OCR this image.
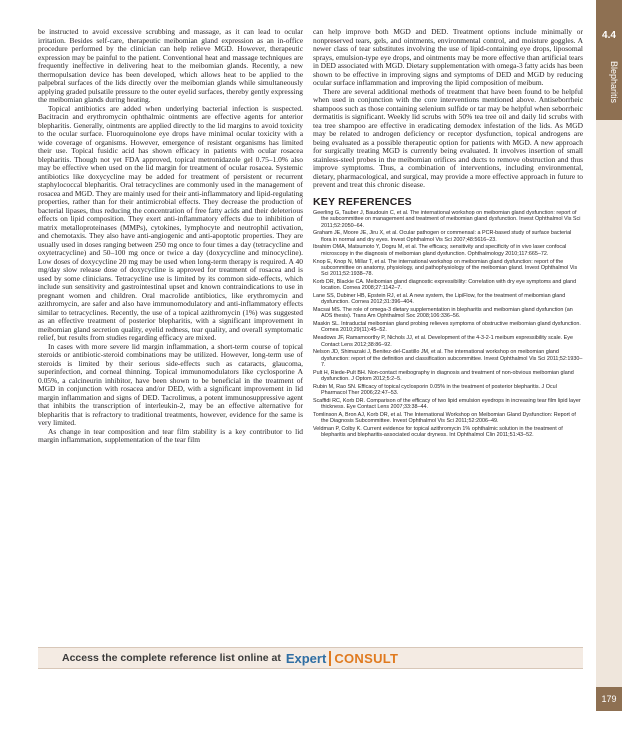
4.4
Blepharitis

be instructed to avoid excessive scrubbing and massage, as it can lead to ocular irritation. Besides self-care, therapeutic meibomian gland expression as an in-office procedure performed by the clinician can help relieve MGD. However, therapeutic expression may be painful to the patient. Conventional heat and massage techniques are frequently ineffective in delivering heat to the meibomian glands. Recently, a new thermopulsation device has been developed, which allows heat to be applied to the palpebral surfaces of the lids directly over the meibomian glands while simultaneously applying graded pulsatile pressure to the outer eyelid surfaces, thereby gently expressing the meibomian glands during heating.

Topical antibiotics are added when underlying bacterial infection is suspected. Bacitracin and erythromycin ophthalmic ointments are effective agents for anterior blepharitis. Generally, ointments are applied directly to the lid margins to avoid toxicity to the ocular surface. Fluoroquinolone eye drops have minimal ocular toxicity with a wide coverage of organisms. However, emergence of resistant organisms has limited their use. Topical fusidic acid has shown efficacy in patients with ocular rosacea blepharitis. Though not yet FDA approved, topical metronidazole gel 0.75–1.0% also may be effective when used on the lid margin for treatment of ocular rosacea. Systemic antibiotics like doxycycline may be added for treatment of persistent or recurrent staphylococcal blepharitis. Oral tetracyclines are commonly used in the management of rosacea and MGD. They are mainly used for their anti-inflammatory and lipid-regulating properties, rather than for their antimicrobial effects. They decrease the production of bacterial lipases, thus reducing the concentration of free fatty acids and their deleterious effects on lipid composition. They exert anti-inflammatory effects due to inhibition of matrix metalloproteinases (MMPs), cytokines, lymphocyte and neutrophil activation, and chemotaxis. They also have anti-angiogenic and anti-apoptotic properties. They are usually used in doses ranging between 250 mg once to four times a day (tetracycline and oxytetracycline) and 50–100 mg once or twice a day (doxycycline and minocycline). Low doses of doxycycline 20 mg may be used when long-term therapy is required. A 40 mg/day slow release dose of doxycycline is approved for treatment of rosacea and is used by some clinicians. Tetracycline use is limited by its common side-effects, which include sun sensitivity and gastrointestinal upset and known contraindications to use in pregnant women and children. Oral macrolide antibiotics, like erythromycin and azithromycin, are safer and also have immunomodulatory and anti-inflammatory effects similar to tetracyclines. Recently, the use of a topical azithromycin (1%) was suggested as an effective treatment of posterior blepharitis, with a significant improvement in meibomian gland secretion quality, eyelid redness, tear quality, and overall symptomatic relief, but results from studies regarding efficacy are mixed.

In cases with more severe lid margin inflammation, a short-term course of topical steroids or antibiotic-steroid combinations may be utilized. However, long-term use of steroids is limited by their serious side-effects such as cataracts, glaucoma, superinfection, and corneal thinning. Topical immunomodulators like cyclosporine A 0.05%, a calcineurin inhibitor, have been shown to be beneficial in the treatment of MGD in conjunction with rosacea and/or DED, with a significant improvement in lid margin inflammation and signs of DED. Tacrolimus, a potent immunosuppressive agent that inhibits the transcription of interleukin-2, may be an effective alternative for blepharitis that is refractory to traditional treatments, however, evidence for the same is very limited.

As change in tear composition and tear film stability is a key contributor to lid margin inflammation, supplementation of the tear film

can help improve both MGD and DED. Treatment options include minimally or nonpreserved tears, gels, and ointments, environmental control, and moisture goggles. A newer class of tear substitutes involving the use of lipid-containing eye drops, liposomal sprays, emulsion-type eye drops, and ointments may be more effective than artificial tears in DED associated with MGD. Dietary supplementation with omega-3 fatty acids has been shown to be effective in improving signs and symptoms of DED and MGD by reducing ocular surface inflammation and improving the lipid composition of meibum.

There are several additional methods of treatment that have been found to be helpful when used in conjunction with the core interventions mentioned above. Antiseborrheic shampoos such as those containing selenium sulfide or tar may be helpful when seborrheic dermatitis is significant. Weekly lid scrubs with 50% tea tree oil and daily lid scrubs with tea tree shampoo are effective in eradicating demodex infestation of the lids. As MGD may be related to androgen deficiency or receptor dysfunction, topical androgens are being evaluated as a possible therapeutic option for patients with MGD. A new approach for surgically treating MGD is currently being evaluated. It involves insertion of small stainless-steel probes in the meibomian orifices and ducts to remove obstruction and thus improve symptoms. Thus, a combination of interventions, including environmental, dietary, pharmacological, and surgical, may provide a more effective approach in future to prevent and treat this chronic disease.

KEY REFERENCES
Geerling G, Tauber J, Baudouin C, et al. The international workshop on meibomian gland dysfunction: report of the subcommittee on management and treatment of meibomian gland dysfunction. Invest Ophthalmol Vis Sci 2011;52:2050–64.
Graham JE, Moore JE, Jiru X, et al. Ocular pathogen or commensal: a PCR-based study of surface bacterial flora in normal and dry eyes. Invest Ophthalmol Vis Sci 2007;48:5616–23.
Ibrahim OMA, Matsumoto Y, Dogru M, et al. The efficacy, sensitivity and specificity of in vivo laser confocal microscopy in the diagnosis of meibomian gland dysfunction. Ophthalmology 2010;117:665–72.
Knop E, Knop N, Millar T, et al. The international workshop on meibomian gland dysfunction: report of the subcommittee on anatomy, physiology, and pathophysiology of the meibomian gland. Invest Ophthalmol Vis Sci 2011;52:1938–78.
Korb DR, Blackie CA. Meibomian gland diagnostic expressibility: Correlation with dry eye symptoms and gland location. Cornea 2008;27:1142–7.
Lane SS, Dubiner HB, Epstein RJ, et al. A new system, the LipiFlow, for the treatment of meibomian gland dysfunction. Cornea 2012;31:396–404.
Macsai MS. The role of omega-3 dietary supplementation in blepharitis and meibomian gland dysfunction (an AOS thesis). Trans Am Ophthalmol Soc 2008;106:336–56.
Maskin SL. Intraductal meibomian gland probing relieves symptoms of obstructive meibomian gland dysfunction. Cornea 2010;29(11):45–52.
Meadows JF, Ramamoorthy P, Nichols JJ, et al. Development of the 4-3-2-1 meibum expressibility scale. Eye Contact Lens 2012;38:86–92.
Nelson JD, Shimazaki J, Benitez-del-Castillo JM, et al. The international workshop on meibomian gland dysfunction: report of the definition and classification subcommittee. Invest Ophthalmol Vis Sci 2011;52:1930–7.
Pult H, Riede-Pult BH. Non-contact meibography in diagnosis and treatment of non-obvious meibomian gland dysfunction. J Optom 2012;5:2–5.
Rubin M, Rao SN. Efficacy of topical cyclosporin 0.05% in the treatment of posterior blepharitis. J Ocul Pharmacol Ther 2006;22:47–53.
Scaffidi RC, Korb DR. Comparison of the efficacy of two lipid emulsion eyedrops in increasing tear film lipid layer thickness. Eye Contact Lens 2007;33:38–44.
Tomlinson A, Bron AJ, Korb DR, et al. The International Workshop on Meibomian Gland Dysfunction: Report of the Diagnosis Subcommittee. Invest Ophthalmol Vis Sci 2011;52:2006–49.
Veldman P, Colby K. Current evidence for topical azithromycin 1% ophthalmic solution in the treatment of blepharitis and blepharitis-associated ocular dryness. Int Ophthalmol Clin 2011;51:43–52.
Access the complete reference list online at Expert CONSULT
179
